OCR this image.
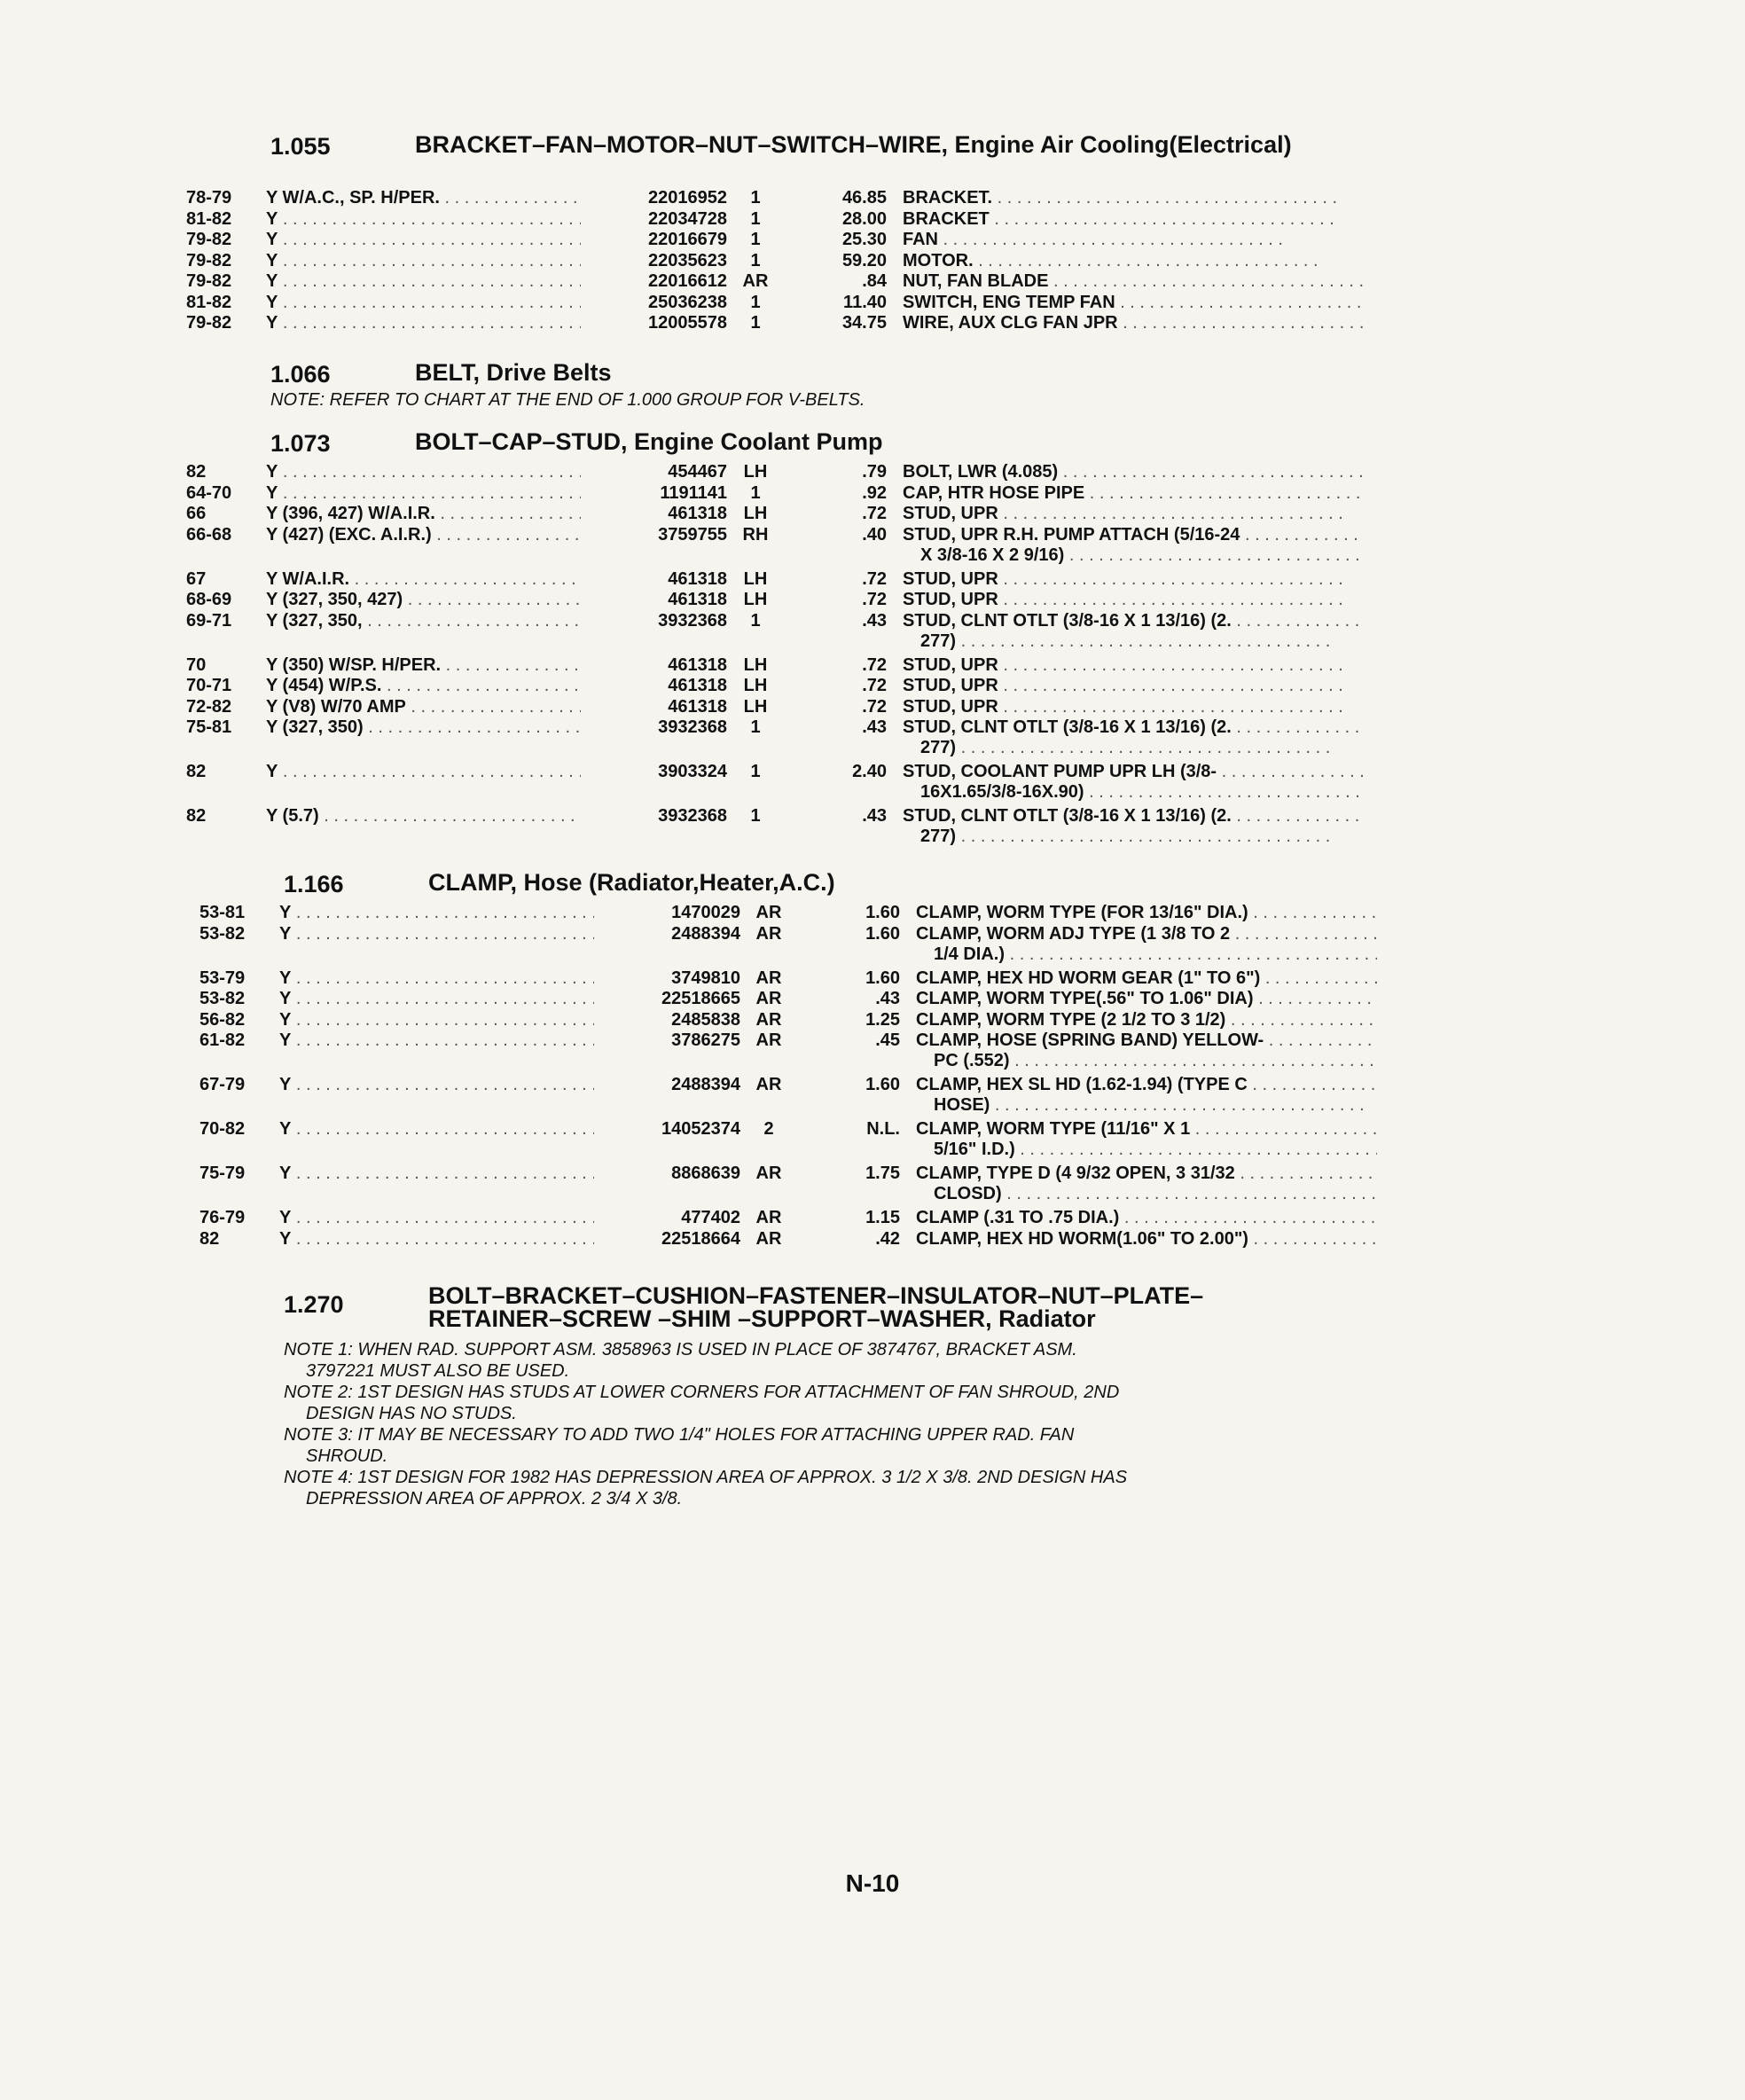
1.055	BRACKET–FAN–MOTOR–NUT–SWITCH–WIRE, Engine Air Cooling(Electrical)
78-79	Y W/A.C., SP. H/PER. . . .	22016952	1	46.85 BRACKET. . . .
81-82	Y . . .	22034728	1	28.00 BRACKET . . .
79-82	Y . . .	22016679	1	25.30 FAN . . .
79-82	Y . . .	22035623	1	59.20 MOTOR. . . .
79-82	Y . . .	22016612 AR	.84 NUT, FAN BLADE . . .
81-82	Y . . .	25036238	1	11.40 SWITCH, ENG TEMP FAN . . .
79-82	Y . . .	12005578	1	34.75 WIRE, AUX CLG FAN JPR . . .
1.066	BELT, Drive Belts
NOTE: REFER TO CHART AT THE END OF 1.000 GROUP FOR V-BELTS.
1.073	BOLT–CAP–STUD, Engine Coolant Pump
82	Y . . .	454467 LH	.79 BOLT, LWR (4.085) . . .
64-70	Y . . .	1191141	1	.92 CAP, HTR HOSE PIPE . . .
66	Y (396, 427) W/A.I.R. . . .	461318 LH	.72 STUD, UPR . . .
66-68	Y (427) (EXC. A.I.R.) . . .	3759755 RH	.40 STUD, UPR R.H. PUMP ATTACH (5/16-24 . . .
X 3/8-16 X 2 9/16) . . .
67	Y W/A.I.R. . . .	461318 LH	.72 STUD, UPR . . .
68-69	Y (327, 350, 427) . . .	461318 LH	.72 STUD, UPR . . .
69-71	Y (327, 350, . . .	3932368	1	.43 STUD, CLNT OTLT (3/8-16 X 1 13/16) (2. . . .
277) . . .
70	Y (350) W/SP. H/PER. . . .	461318 LH	.72 STUD, UPR . . .
70-71	Y (454) W/P.S. . . .	461318 LH	.72 STUD, UPR . . .
72-82	Y (V8) W/70 AMP . . .	461318 LH	.72 STUD, UPR . . .
75-81	Y (327, 350) . . .	3932368	1	.43 STUD, CLNT OTLT (3/8-16 X 1 13/16) (2. . . .
277) . . .
82	Y . . .	3903324	1	2.40 STUD, COOLANT PUMP UPR LH (3/8- . . .
16X1.65/3/8-16X.90) . . .
82	Y (5.7) . . .	3932368	1	.43 STUD, CLNT OTLT (3/8-16 X 1 13/16) (2. . . .
277) . . .
1.166	CLAMP, Hose (Radiator,Heater,A.C.)
53-81	Y . . .	1470029 AR	1.60 CLAMP, WORM TYPE (FOR 13/16" DIA.) . . .
53-82	Y . . .	2488394 AR	1.60 CLAMP, WORM ADJ TYPE (1 3/8 TO 2 . . .
1/4 DIA.) . . .
53-79	Y . . .	3749810 AR	1.60 CLAMP, HEX HD WORM GEAR (1" TO 6") . . .
53-82	Y . . .	22518665 AR	.43 CLAMP, WORM TYPE(.56" TO 1.06" DIA) . . .
56-82	Y . . .	2485838 AR	1.25 CLAMP, WORM TYPE (2 1/2 TO 3 1/2) . . .
61-82	Y . . .	3786275 AR	.45 CLAMP, HOSE (SPRING BAND) YELLOW- . . .
PC (.552) . . .
67-79	Y . . .	2488394 AR	1.60 CLAMP, HEX SL HD (1.62-1.94) (TYPE C . . .
HOSE) . . .
70-82	Y . . .	14052374	2	N.L. CLAMP, WORM TYPE (11/16" X 1 . . .
5/16" I.D.) . . .
75-79	Y . . .	8868639 AR	1.75 CLAMP, TYPE D (4 9/32 OPEN, 3 31/32 . . .
CLOSD) . . .
76-79	Y . . .	477402 AR	1.15 CLAMP (.31 TO .75 DIA.) . . .
82	Y . . .	22518664 AR	.42 CLAMP, HEX HD WORM(1.06" TO 2.00") . . .
1.270	BOLT–BRACKET–CUSHION–FASTENER–INSULATOR–NUT–PLATE–RETAINER–SCREW –SHIM –SUPPORT–WASHER, Radiator
NOTE 1: WHEN RAD. SUPPORT ASM. 3858963 IS USED IN PLACE OF 3874767, BRACKET ASM.
3797221 MUST ALSO BE USED.
NOTE 2: 1ST DESIGN HAS STUDS AT LOWER CORNERS FOR ATTACHMENT OF FAN SHROUD, 2ND
DESIGN HAS NO STUDS.
NOTE 3: IT MAY BE NECESSARY TO ADD TWO 1/4" HOLES FOR ATTACHING UPPER RAD. FAN
SHROUD.
NOTE 4: 1ST DESIGN FOR 1982 HAS DEPRESSION AREA OF APPROX. 3 1/2 X 3/8. 2ND DESIGN HAS
DEPRESSION AREA OF APPROX. 2 3/4 X 3/8.
N-10
